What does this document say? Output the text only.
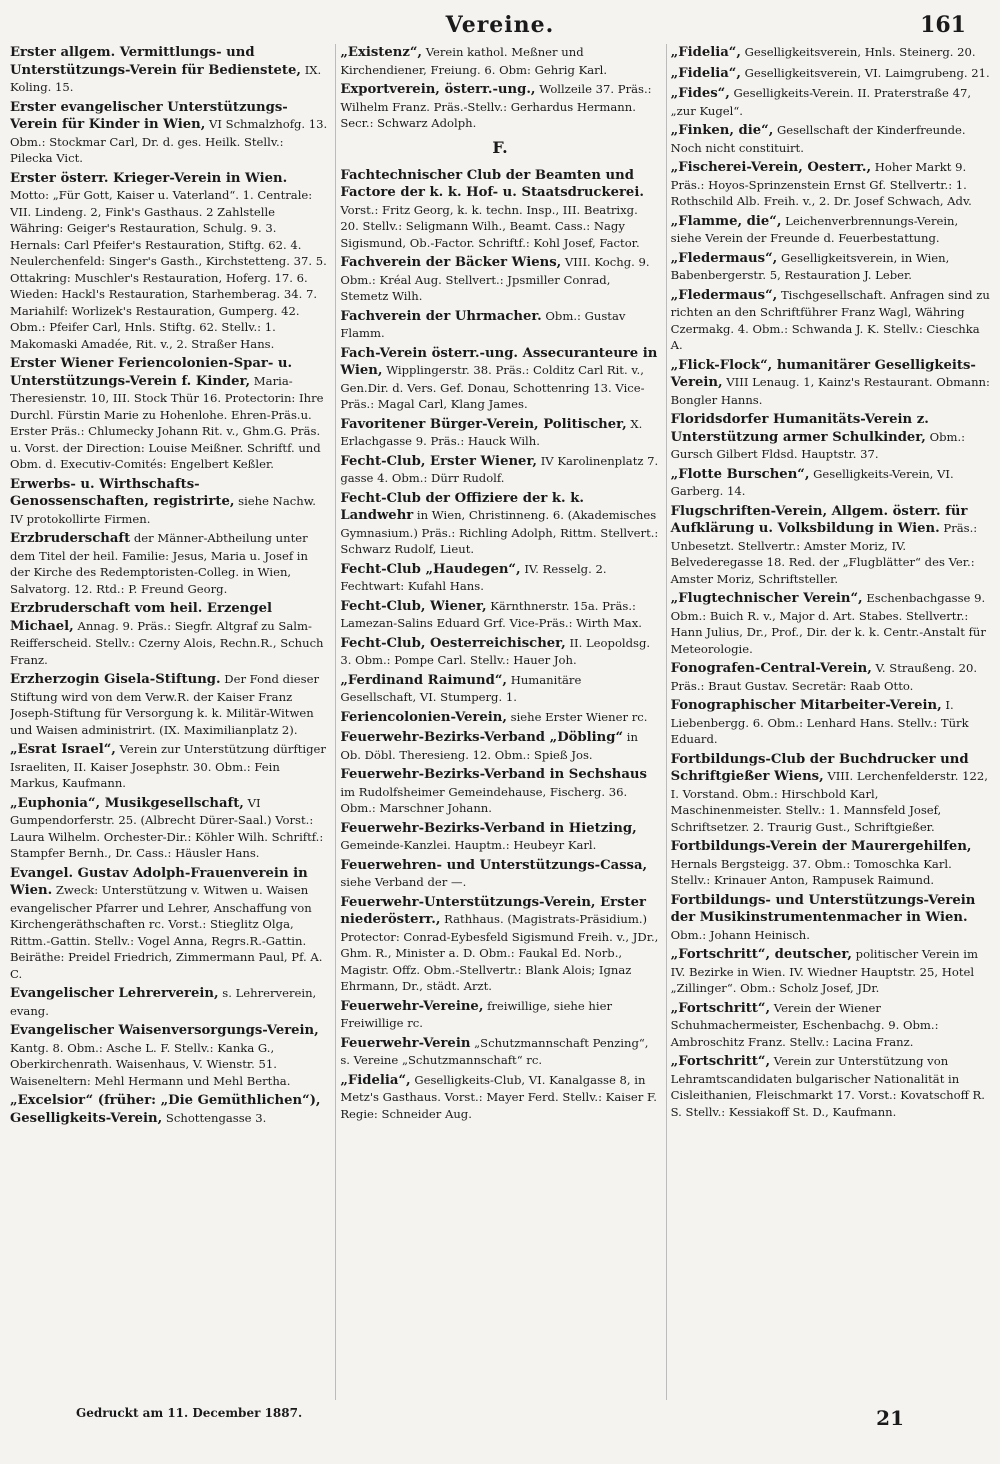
Vereine.	161

Erster allgem. Vermittlungs- und Unterstützungs-Verein für Bedienstete, IX. Koling. 15.

Erster evangelischer Unterstützungs-Verein für Kinder in Wien, VI Schmalzhofg. 13. Obm.: Stockmar Carl, Dr. d. ges. Heilk. Stellv.: Pilecka Vict.

Erster österr. Krieger-Verein in Wien. Motto: „Für Gott, Kaiser u. Vaterland“. 1. Centrale: VII. Lindeng. 2, Fink's Gasthaus. 2 Zahlstelle Währing: Geiger's Restauration, Schulg. 9. 3. Hernals: Carl Pfeifer's Restauration, Stiftg. 62. 4. Neulerchenfeld: Singer's Gasth., Kirchstetteng. 37. 5. Ottakring: Muschler's Restauration, Hoferg. 17. 6. Wieden: Hackl's Restauration, Starhemberag. 34. 7. Mariahilf: Worlizek's Restauration, Gumperg. 42. Obm.: Pfeifer Carl, Hnls. Stiftg. 62. Stellv.: 1. Makomaski Amadée, Rit. v., 2. Straßer Hans.

Erster Wiener Feriencolonien-Spar- u. Unterstützungs-Verein f. Kinder, Maria-Theresienstr. 10, III. Stock Thür 16. Protectorin: Ihre Durchl. Fürstin Marie zu Hohenlohe. Ehren-Präs.u. Erster Präs.: Chlumecky Johann Rit. v., Ghm.G. Präs. u. Vorst. der Direction: Louise Meißner. Schriftf. und Obm. d. Executiv-Comités: Engelbert Keßler.

Erwerbs- u. Wirthschafts-Genossenschaften, registrirte, siehe Nachw. IV protokollirte Firmen.

Erzbruderschaft der Männer-Abtheilung unter dem Titel der heil. Familie: Jesus, Maria u. Josef in der Kirche des Redemptoristen-Colleg. in Wien, Salvatorg. 12. Rtd.: P. Freund Georg.

Erzbruderschaft vom heil. Erzengel Michael, Annag. 9. Präs.: Siegfr. Altgraf zu Salm-Reifferscheid. Stellv.: Czerny Alois, Rechn.R., Schuch Franz.

Erzherzogin Gisela-Stiftung. Der Fond dieser Stiftung wird von dem Verw.R. der Kaiser Franz Joseph-Stiftung für Versorgung k. k. Militär-Witwen und Waisen administrirt. (IX. Maximilianplatz 2).

„Esrat Israel“, Verein zur Unterstützung dürftiger Israeliten, II. Kaiser Josephstr. 30. Obm.: Fein Markus, Kaufmann.

„Euphonia“, Musikgesellschaft, VI Gumpendorferstr. 25. (Albrecht Dürer-Saal.) Vorst.: Laura Wilhelm. Orchester-Dir.: Köhler Wilh. Schriftf.: Stampfer Bernh., Dr. Cass.: Häusler Hans.

Evangel. Gustav Adolph-Frauenverein in Wien. Zweck: Unterstützung v. Witwen u. Waisen evangelischer Pfarrer und Lehrer, Anschaffung von Kirchengeräthschaften rc. Vorst.: Stieglitz Olga, Rittm.-Gattin. Stellv.: Vogel Anna, Regrs.R.-Gattin. Beiräthe: Preidel Friedrich, Zimmermann Paul, Pf. A. C.

Evangelischer Lehrerverein, s. Lehrerverein, evang.

Evangelischer Waisenversorgungs-Verein, Kantg. 8. Obm.: Asche L. F. Stellv.: Kanka G., Oberkirchenrath. Waisenhaus, V. Wienstr. 51. Waiseneltern: Mehl Hermann und Mehl Bertha.

„Excelsior“ (früher: „Die Gemüthlichen“), Geselligkeits-Verein, Schottengasse 3.

„Existenz“, Verein kathol. Meßner und Kirchendiener, Freiung. 6. Obm: Gehrig Karl.

Exportverein, österr.-ung., Wollzeile 37. Präs.: Wilhelm Franz. Präs.-Stellv.: Gerhardus Hermann. Secr.: Schwarz Adolph.

F.

Fachtechnischer Club der Beamten und Factore der k. k. Hof- u. Staatsdruckerei. Vorst.: Fritz Georg, k. k. techn. Insp., III. Beatrixg. 20. Stellv.: Seligmann Wilh., Beamt. Cass.: Nagy Sigismund, Ob.-Factor. Schriftf.: Kohl Josef, Factor.

Fachverein der Bäcker Wiens, VIII. Kochg. 9. Obm.: Kréal Aug. Stellvert.: Jpsmiller Conrad, Stemetz Wilh.

Fachverein der Uhrmacher. Obm.: Gustav Flamm.

Fach-Verein österr.-ung. Assecuranteure in Wien, Wipplingerstr. 38. Präs.: Colditz Carl Rit. v., Gen.Dir. d. Vers. Gef. Donau, Schottenring 13. Vice-Präs.: Magal Carl, Klang James.

Favoritener Bürger-Verein, Politischer, X. Erlachgasse 9. Präs.: Hauck Wilh.

Fecht-Club, Erster Wiener, IV Karolinenplatz 7. gasse 4. Obm.: Dürr Rudolf.

Fecht-Club der Offiziere der k. k. Landwehr in Wien, Christinneng. 6. (Akademisches Gymnasium.) Präs.: Richling Adolph, Rittm. Stellvert.: Schwarz Rudolf, Lieut.

Fecht-Club „Haudegen“, IV. Resselg. 2. Fechtwart: Kufahl Hans.

Fecht-Club, Wiener, Kärnthnerstr. 15a. Präs.: Lamezan-Salins Eduard Grf. Vice-Präs.: Wirth Max.

Fecht-Club, Oesterreichischer, II. Leopoldsg. 3. Obm.: Pompe Carl. Stellv.: Hauer Joh.

„Ferdinand Raimund“, Humanitäre Gesellschaft, VI. Stumperg. 1.

Feriencolonien-Verein, siehe Erster Wiener rc.

Feuerwehr-Bezirks-Verband „Döbling“ in Ob. Döbl. Theresieng. 12. Obm.: Spieß Jos.

Feuerwehr-Bezirks-Verband in Sechshaus im Rudolfsheimer Gemeindehause, Fischerg. 36. Obm.: Marschner Johann.

Feuerwehr-Bezirks-Verband in Hietzing, Gemeinde-Kanzlei. Hauptm.: Heubeyr Karl.

Feuerwehren- und Unterstützungs-Cassa, siehe Verband der —.

Feuerwehr-Unterstützungs-Verein, Erster niederösterr., Rathhaus. (Magistrats-Präsidium.) Protector: Conrad-Eybesfeld Sigismund Freih. v., JDr., Ghm. R., Minister a. D. Obm.: Faukal Ed. Norb., Magistr. Offz. Obm.-Stellvertr.: Blank Alois; Ignaz Ehrmann, Dr., städt. Arzt.

Feuerwehr-Vereine, freiwillige, siehe hier Freiwillige rc.

Feuerwehr-Verein „Schutzmannschaft Penzing“, s. Vereine „Schutzmannschaft“ rc.

„Fidelia“, Geselligkeits-Club, VI. Kanalgasse 8, in Metz's Gasthaus. Vorst.: Mayer Ferd. Stellv.: Kaiser F. Regie: Schneider Aug.

„Fidelia“, Geselligkeitsverein, Hnls. Steinerg. 20.

„Fidelia“, Geselligkeitsverein, VI. Laimgrubeng. 21.

„Fides“, Geselligkeits-Verein. II. Praterstraße 47, „zur Kugel“.

„Finken, die“, Gesellschaft der Kinderfreunde. Noch nicht constituirt.

„Fischerei-Verein, Oesterr., Hoher Markt 9. Präs.: Hoyos-Sprinzenstein Ernst Gf. Stellvertr.: 1. Rothschild Alb. Freih. v., 2. Dr. Josef Schwach, Adv.

„Flamme, die“, Leichenverbrennungs-Verein, siehe Verein der Freunde d. Feuerbestattung.

„Fledermaus“, Geselligkeitsverein, in Wien, Babenbergerstr. 5, Restauration J. Leber.

„Fledermaus“, Tischgesellschaft. Anfragen sind zu richten an den Schriftführer Franz Wagl, Währing Czermakg. 4. Obm.: Schwanda J. K. Stellv.: Cieschka A.

„Flick-Flock“, humanitärer Geselligkeits-Verein, VIII Lenaug. 1, Kainz's Restaurant. Obmann: Bongler Hanns.

Floridsdorfer Humanitäts-Verein z. Unterstützung armer Schulkinder, Obm.: Gursch Gilbert Fldsd. Hauptstr. 37.

„Flotte Burschen“, Geselligkeits-Verein, VI. Garberg. 14.

Flugschriften-Verein, Allgem. österr. für Aufklärung u. Volksbildung in Wien. Präs.: Unbesetzt. Stellvertr.: Amster Moriz, IV. Belvederegasse 18. Red. der „Flugblätter“ des Ver.: Amster Moriz, Schriftsteller.

„Flugtechnischer Verein“, Eschenbachgasse 9. Obm.: Buich R. v., Major d. Art. Stabes. Stellvertr.: Hann Julius, Dr., Prof., Dir. der k. k. Centr.-Anstalt für Meteorologie.

Fonografen-Central-Verein, V. Straußeng. 20. Präs.: Braut Gustav. Secretär: Raab Otto.

Fonographischer Mitarbeiter-Verein, I. Liebenbergg. 6. Obm.: Lenhard Hans. Stellv.: Türk Eduard.

Fortbildungs-Club der Buchdrucker und Schriftgießer Wiens, VIII. Lerchenfelderstr. 122, I. Vorstand. Obm.: Hirschbold Karl, Maschinenmeister. Stellv.: 1. Mannsfeld Josef, Schriftsetzer. 2. Traurig Gust., Schriftgießer.

Fortbildungs-Verein der Maurergehilfen, Hernals Bergsteigg. 37. Obm.: Tomoschka Karl. Stellv.: Krinauer Anton, Rampusek Raimund.

Fortbildungs- und Unterstützungs-Verein der Musikinstrumentenmacher in Wien. Obm.: Johann Heinisch.

„Fortschritt“, deutscher, politischer Verein im IV. Bezirke in Wien. IV. Wiedner Hauptstr. 25, Hotel „Zillinger“. Obm.: Scholz Josef, JDr.

„Fortschritt“, Verein der Wiener Schuhmachermeister, Eschenbachg. 9. Obm.: Ambroschitz Franz. Stellv.: Lacina Franz.

„Fortschritt“, Verein zur Unterstützung von Lehramtscandidaten bulgarischer Nationalität in Cisleithanien, Fleischmarkt 17. Vorst.: Kovatschoff R. S. Stellv.: Kessiakoff St. D., Kaufmann.

Gedruckt am 11. December 1887.	21
